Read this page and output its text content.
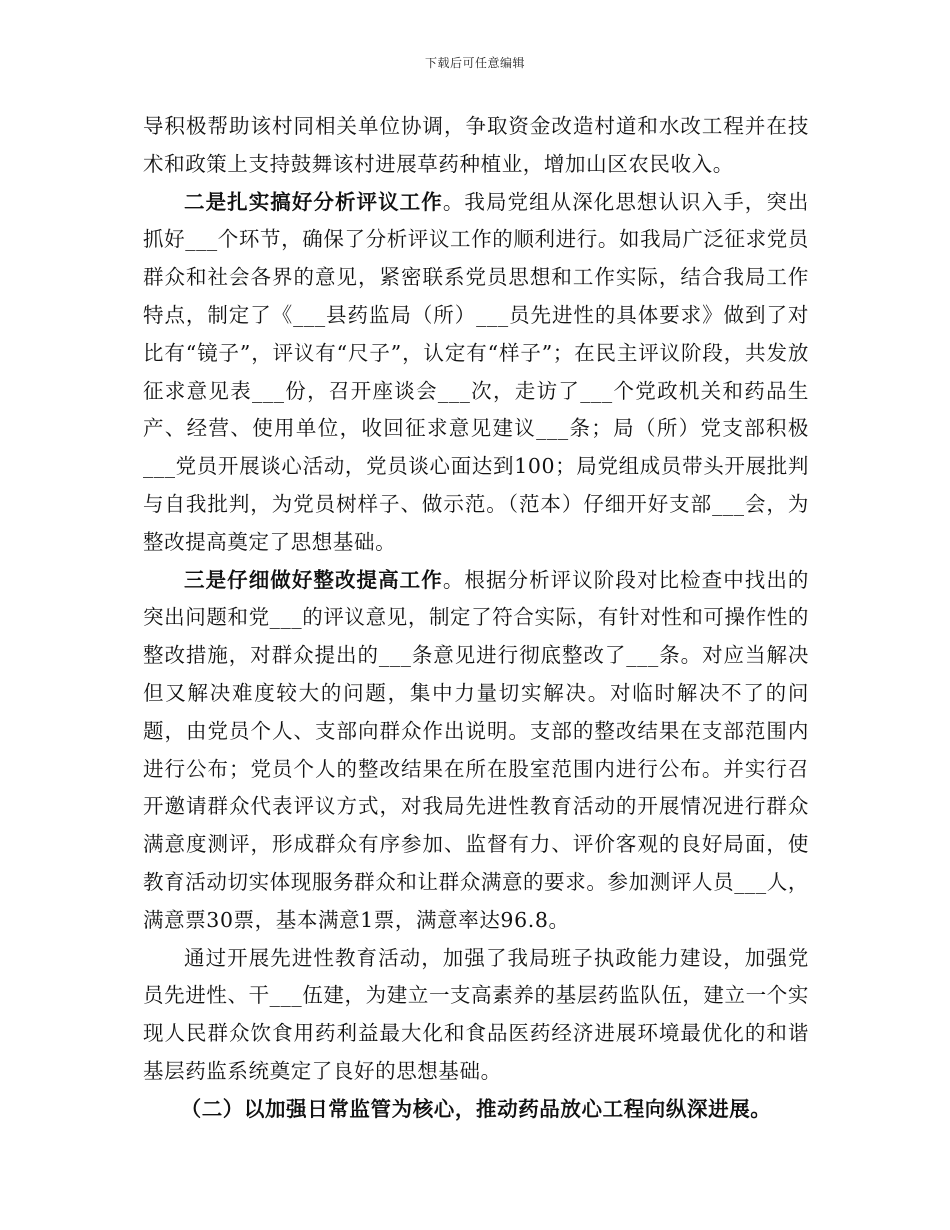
下载后可任意编辑

导积极帮助该村同相关单位协调，争取资金改造村道和水改工程并在技术和政策上支持鼓舞该村进展草药种植业，增加山区农民收入。

二是扎实搞好分析评议工作。我局党组从深化思想认识入手，突出抓好___个环节，确保了分析评议工作的顺利进行。如我局广泛征求党员群众和社会各界的意见，紧密联系党员思想和工作实际，结合我局工作特点，制定了《___县药监局（所）___员先进性的具体要求》做到了对比有“镜子”，评议有“尺子”，认定有“样子”；在民主评议阶段，共发放征求意见表___份，召开座谈会___次，走访了___个党政机关和药品生产、经营、使用单位，收回征求意见建议___条；局（所）党支部积极___党员开展谈心活动，党员谈心面达到100；局党组成员带头开展批判与自我批判，为党员树样子、做示范。（范本）仔细开好支部___会，为整改提高奠定了思想基础。

三是仔细做好整改提高工作。根据分析评议阶段对比检查中找出的突出问题和党___的评议意见，制定了符合实际，有针对性和可操作性的整改措施，对群众提出的___条意见进行彻底整改了___条。对应当解决但又解决难度较大的问题，集中力量切实解决。对临时解决不了的问题，由党员个人、支部向群众作出说明。支部的整改结果在支部范围内进行公布；党员个人的整改结果在所在股室范围内进行公布。并实行召开邀请群众代表评议方式，对我局先进性教育活动的开展情况进行群众满意度测评，形成群众有序参加、监督有力、评价客观的良好局面，使教育活动切实体现服务群众和让群众满意的要求。参加测评人员___人，满意票30票，基本满意1票，满意率达96.8。

通过开展先进性教育活动，加强了我局班子执政能力建设，加强党员先进性、干___伍建，为建立一支高素养的基层药监队伍，建立一个实现人民群众饮食用药利益最大化和食品医药经济进展环境最优化的和谐基层药监系统奠定了良好的思想基础。

（二）以加强日常监管为核心，推动药品放心工程向纵深进展。
